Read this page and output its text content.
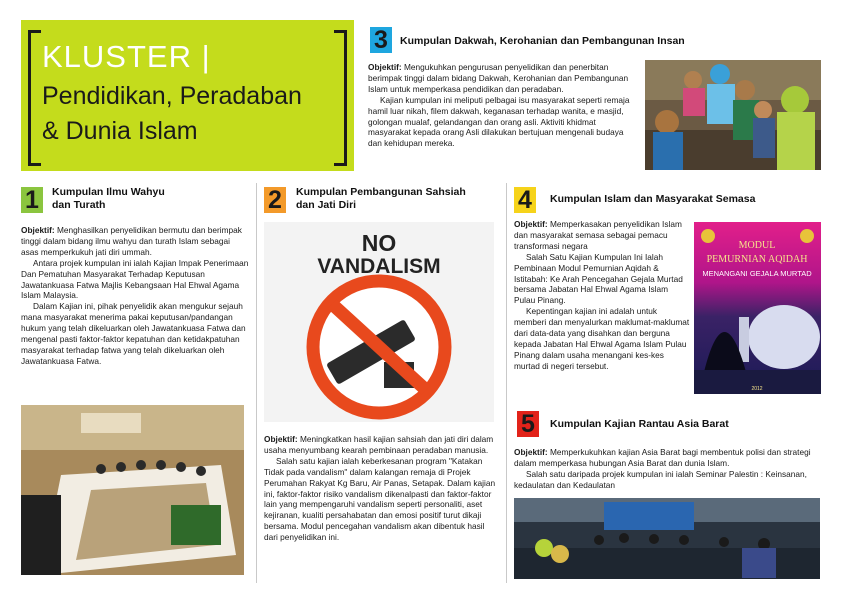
KLUSTER |
Pendidikan, Peradaban
& Dunia Islam
3	Kumpulan Dakwah, Kerohanian dan Pembangunan Insan

Objektif: Mengukuhkan pengurusan penyelidikan dan penerbitan berimpak tinggi dalam bidang Dakwah, Kerohanian dan Pembangunan Islam untuk memperkasa pendidikan dan peradaban.

Kajian kumpulan ini meliputi pelbagai isu masyarakat seperti remaja hamil luar nikah, filem dakwah, keganasan terhadap wanita, e masjid, golongan mualaf, gelandangan dan orang asli. Aktiviti khidmat masyarakat kepada orang Asli dilakukan bertujuan mengenali budaya dan kehidupan mereka.

1	Kumpulan Ilmu Wahyu
dan Turath

Objektif: Menghasilkan penyelidikan bermutu dan berimpak tinggi dalam bidang ilmu wahyu dan turath Islam sebagai asas memperkukuh jati diri ummah.

Antara projek kumpulan ini ialah Kajian Impak Penerimaan Dan Pematuhan Masyarakat Terhadap Keputusan Jawatankuasa Fatwa Majlis Kebangsaan Hal Ehwal Agama Islam Malaysia.

Dalam Kajian ini, pihak penyelidik akan mengukur sejauh mana masyarakat menerima pakai keputusan/pandangan hukum yang telah dikeluarkan oleh Jawatankuasa Fatwa dan mengenal pasti faktor-faktor kepatuhan dan ketidakpatuhan masyarakat terhadap fatwa yang telah dikeluarkan oleh Jawatankuasa Fatwa.

2	Kumpulan Pembangunan Sahsiah
dan Jati Diri
NO
VANDALISM

Objektif: Meningkatkan hasil kajian sahsiah dan jati diri dalam usaha menyumbang kearah pembinaan peradaban manusia.

Salah satu kajian ialah keberkesanan program "Katakan Tidak pada vandalism" dalam kalangan remaja di Projek Perumahan Rakyat Kg Baru, Air Panas, Setapak. Dalam kajian ini, faktor-faktor risiko vandalism dikenalpasti dan faktor-faktor lain yang mempengaruhi vandalism seperti personaliti, aset kejiranan, kualiti persahabatan dan emosi positif turut dikaji bersama. Modul pencegahan vandalism akan dibentuk hasil dari penyelidikan ini.

4	Kumpulan Islam dan Masyarakat Semasa

Objektif: Memperkasakan penyelidikan Islam dan masyarakat semasa sebagai pemacu transformasi negara

Salah Satu Kajian Kumpulan Ini Ialah Pembinaan Modul Pemurnian Aqidah & Istitabah: Ke Arah Pencegahan Gejala Murtad bersama Jabatan Hal Ehwal Agama Islam Pulau Pinang.

Kepentingan kajian ini adalah untuk memberi dan menyalurkan maklumat-maklumat dari data-data yang disahkan dan berguna kepada Jabatan Hal Ehwal Agama Islam Pulau Pinang dalam usaha menangani kes-kes murtad di negeri tersebut.

MODUL
PEMURNIAN AQIDAH
MENANGANI GEJALA MURTAD
2012
5	Kumpulan Kajian Rantau Asia Barat

Objektif: Memperkukuhkan kajian Asia Barat bagi membentuk polisi dan strategi dalam memperkasa hubungan Asia Barat dan dunia Islam.

Salah satu daripada projek kumpulan ini ialah Seminar Palestin : Keinsanan, kedaulatan dan Kedaulatan
